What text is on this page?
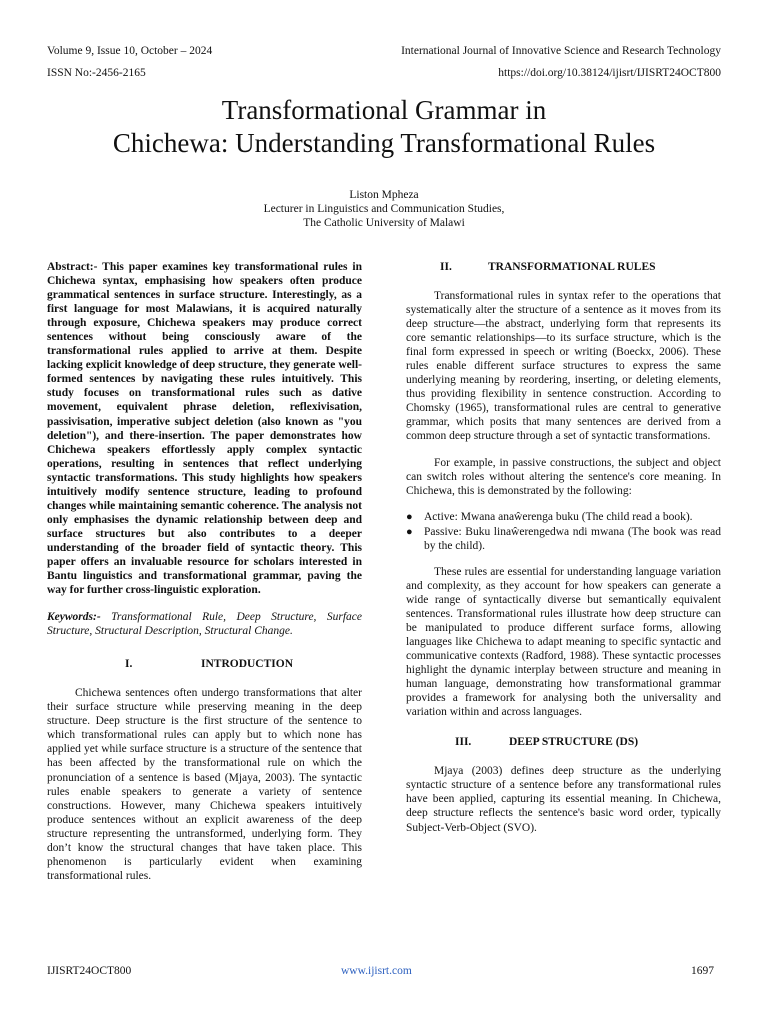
Volume 9, Issue 10, October – 2024
ISSN No:-2456-2165
International Journal of Innovative Science and Research Technology
https://doi.org/10.38124/ijisrt/IJISRT24OCT800
Transformational Grammar in
Chichewa: Understanding Transformational Rules
Liston Mpheza
Lecturer in Linguistics and Communication Studies,
The Catholic University of Malawi
Abstract:- This paper examines key transformational rules in Chichewa syntax, emphasising how speakers often produce grammatical sentences in surface structure. Interestingly, as a first language for most Malawians, it is acquired naturally through exposure, Chichewa speakers may produce correct sentences without being consciously aware of the transformational rules applied to arrive at them. Despite lacking explicit knowledge of deep structure, they generate well-formed sentences by navigating these rules intuitively. This study focuses on transformational rules such as dative movement, equivalent phrase deletion, reflexivisation, passivisation, imperative subject deletion (also known as "you deletion"), and there-insertion. The paper demonstrates how Chichewa speakers effortlessly apply complex syntactic operations, resulting in sentences that reflect underlying syntactic transformations. This study highlights how speakers intuitively modify sentence structure, leading to profound changes while maintaining semantic coherence. The analysis not only emphasises the dynamic relationship between deep and surface structures but also contributes to a deeper understanding of the broader field of syntactic theory. This paper offers an invaluable resource for scholars interested in Bantu linguistics and transformational grammar, paving the way for further cross-linguistic exploration.
Keywords:- Transformational Rule, Deep Structure, Surface Structure, Structural Description, Structural Change.
I.	INTRODUCTION
Chichewa sentences often undergo transformations that alter their surface structure while preserving meaning in the deep structure. Deep structure is the first structure of the sentence to which transformational rules can apply but to which none has applied yet while surface structure is a structure of the sentence that has been affected by the transformational rule on which the pronunciation of a sentence is based (Mjaya, 2003). The syntactic rules enable speakers to generate a variety of sentence constructions. However, many Chichewa speakers intuitively produce sentences without an explicit awareness of the deep structure representing the untransformed, underlying form. They don’t know the structural changes that have taken place. This phenomenon is particularly evident when examining transformational rules.
II.	TRANSFORMATIONAL RULES
Transformational rules in syntax refer to the operations that systematically alter the structure of a sentence as it moves from its deep structure—the abstract, underlying form that represents its core semantic relationships—to its surface structure, which is the final form expressed in speech or writing (Boeckx, 2006). These rules enable different surface structures to express the same underlying meaning by reordering, inserting, or deleting elements, thus providing flexibility in sentence construction. According to Chomsky (1965), transformational rules are central to generative grammar, which posits that many sentences are derived from a common deep structure through a set of syntactic transformations.
For example, in passive constructions, the subject and object can switch roles without altering the sentence's core meaning. In Chichewa, this is demonstrated by the following:
● Active: Mwana anaŵerenga buku (The child read a book).
● Passive: Buku linaŵerengedwa ndi mwana (The book was read by the child).
These rules are essential for understanding language variation and complexity, as they account for how speakers can generate a wide range of syntactically diverse but semantically equivalent sentences. Transformational rules illustrate how deep structure can be manipulated to produce different surface forms, allowing languages like Chichewa to adapt meaning to specific syntactic and communicative contexts (Radford, 1988). These syntactic processes highlight the dynamic interplay between structure and meaning in human language, demonstrating how transformational grammar provides a framework for analysing both the universality and variation within and across languages.
III.	DEEP STRUCTURE (DS)
Mjaya (2003) defines deep structure as the underlying syntactic structure of a sentence before any transformational rules have been applied, capturing its essential meaning. In Chichewa, deep structure reflects the sentence's basic word order, typically Subject-Verb-Object (SVO).
IJISRT24OCT800	www.ijisrt.com	1697
